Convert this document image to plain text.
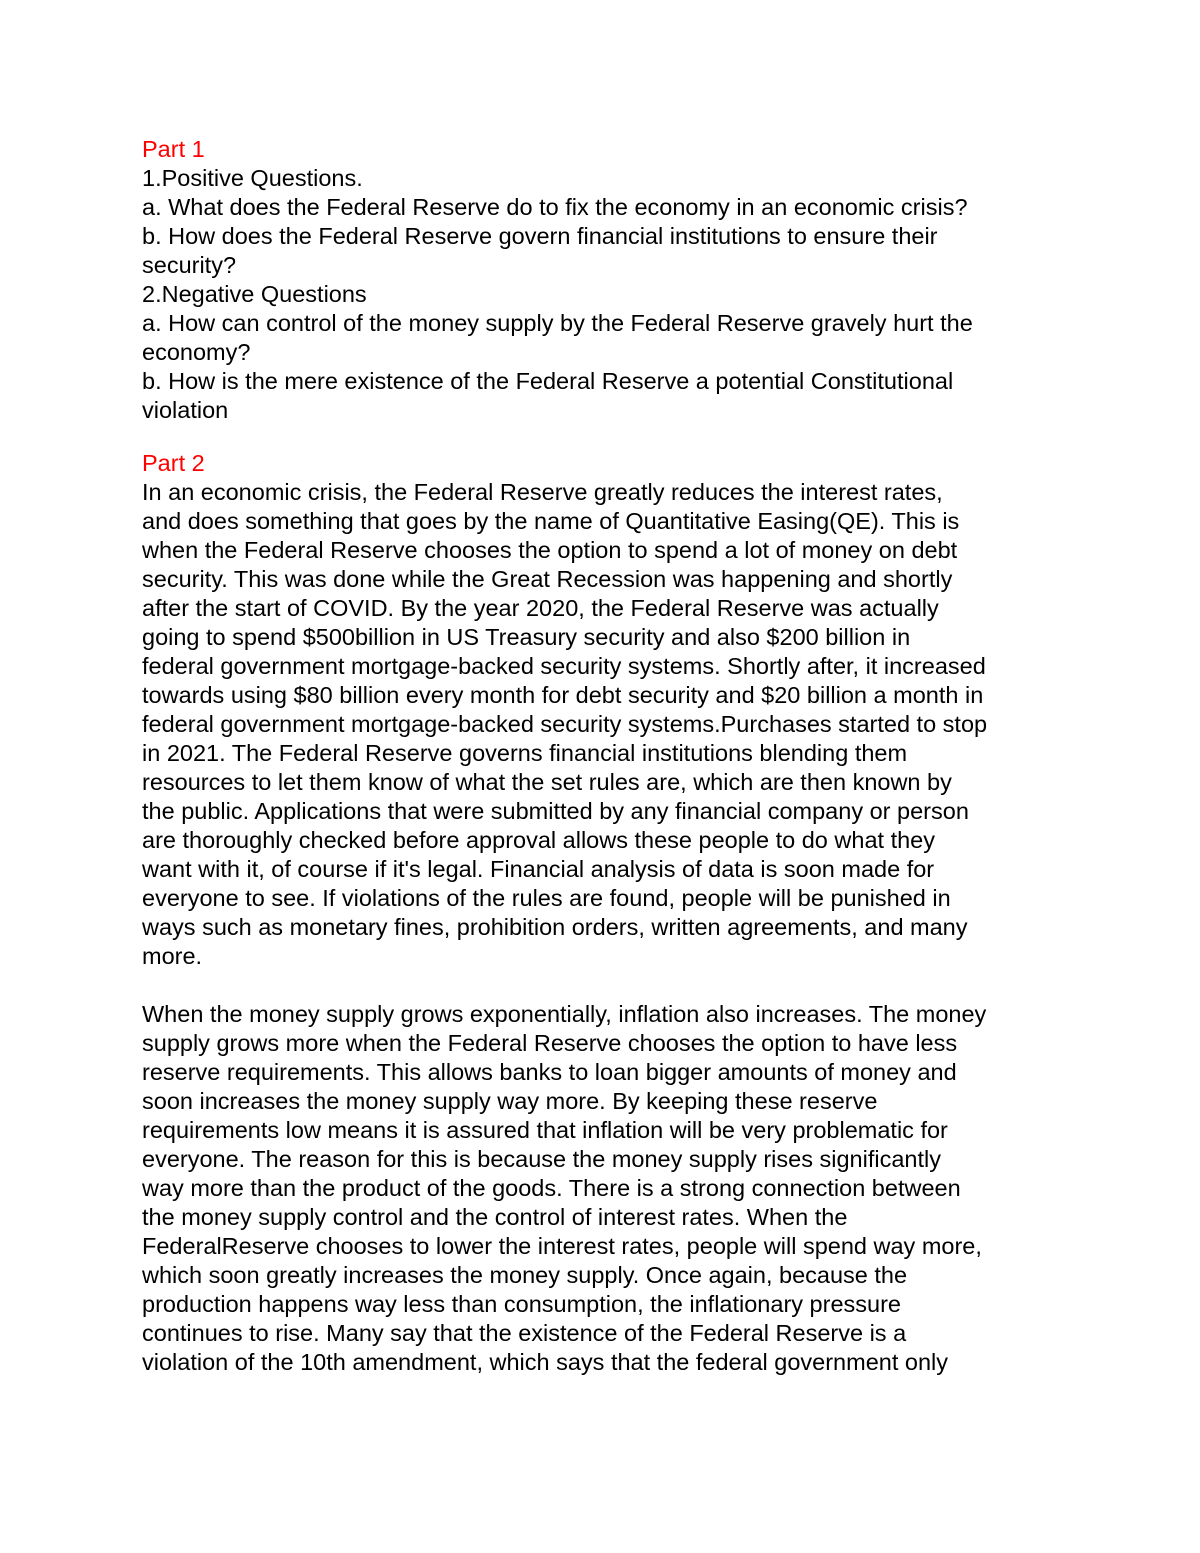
Part 1

1.Positive Questions.

a. What does the Federal Reserve do to fix the economy in an economic crisis?

b. How does the Federal Reserve govern financial institutions to ensure their

security?

2.Negative Questions

a. How can control of the money supply by the Federal Reserve gravely hurt the

economy?

b. How is the mere existence of the Federal Reserve a potential Constitutional

violation

Part 2

In an economic crisis, the Federal Reserve greatly reduces the interest rates,

and does something that goes by the name of Quantitative Easing(QE). This is

when the Federal Reserve chooses the option to spend a lot of money on debt

security. This was done while the Great Recession was happening and shortly

after the start of COVID. By the year 2020, the Federal Reserve was actually

going to spend $500billion in US Treasury security and also $200 billion in

federal government mortgage-backed security systems. Shortly after, it increased

towards using $80 billion every month for debt security and $20 billion a month in

federal government mortgage-backed security systems.Purchases started to stop

in 2021. The Federal Reserve governs financial institutions blending them

resources to let them know of what the set rules are, which are then known by

the public. Applications that were submitted by any financial company or person

are thoroughly checked before approval allows these people to do what they

want with it, of course if it's legal. Financial analysis of data is soon made for

everyone to see. If violations of the rules are found, people will be punished in

ways such as monetary fines, prohibition orders, written agreements, and many

more.

When the money supply grows exponentially, inflation also increases. The money

supply grows more when the Federal Reserve chooses the option to have less

reserve requirements. This allows banks to loan bigger amounts of money and

soon increases the money supply way more. By keeping these reserve

requirements low means it is assured that inflation will be very problematic for

everyone. The reason for this is because the money supply rises significantly

way more than the product of the goods. There is a strong connection between

the money supply control and the control of interest rates. When the

FederalReserve chooses to lower the interest rates, people will spend way more,

which soon greatly increases the money supply. Once again, because the

production happens way less than consumption, the inflationary pressure

continues to rise. Many say that the existence of the Federal Reserve is a

violation of the 10th amendment, which says that the federal government only
